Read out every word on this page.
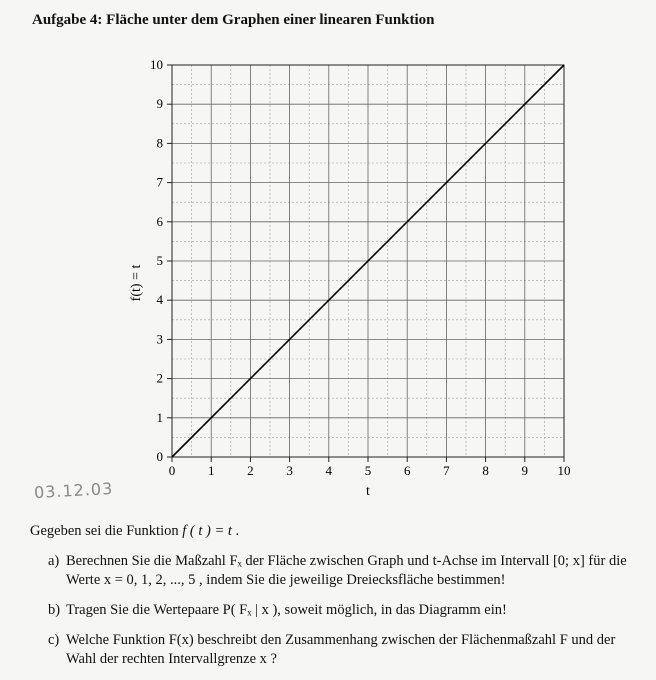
Aufgabe 4: Fläche unter dem Graphen einer linearen Funktion
0	1	2	3	4	5	6	7	8	9 10
0
1
2
3
4
5
6
7
8
9
10
t
f(t) = t
03.12.03
Gegeben sei die Funktion f ( t ) = t .
a) Berechnen Sie die Maßzahl Fₓ der Fläche zwischen Graph und t-Achse im Intervall [0; x] für die Werte x = 0, 1, 2, ..., 5 , indem Sie die jeweilige Dreiecksfläche bestimmen!
b) Tragen Sie die Wertepaare P( Fₓ | x ), soweit möglich, in das Diagramm ein!
c) Welche Funktion F(x) beschreibt den Zusammenhang zwischen der Flächenmaßzahl F und der Wahl der rechten Intervallgrenze x ?
